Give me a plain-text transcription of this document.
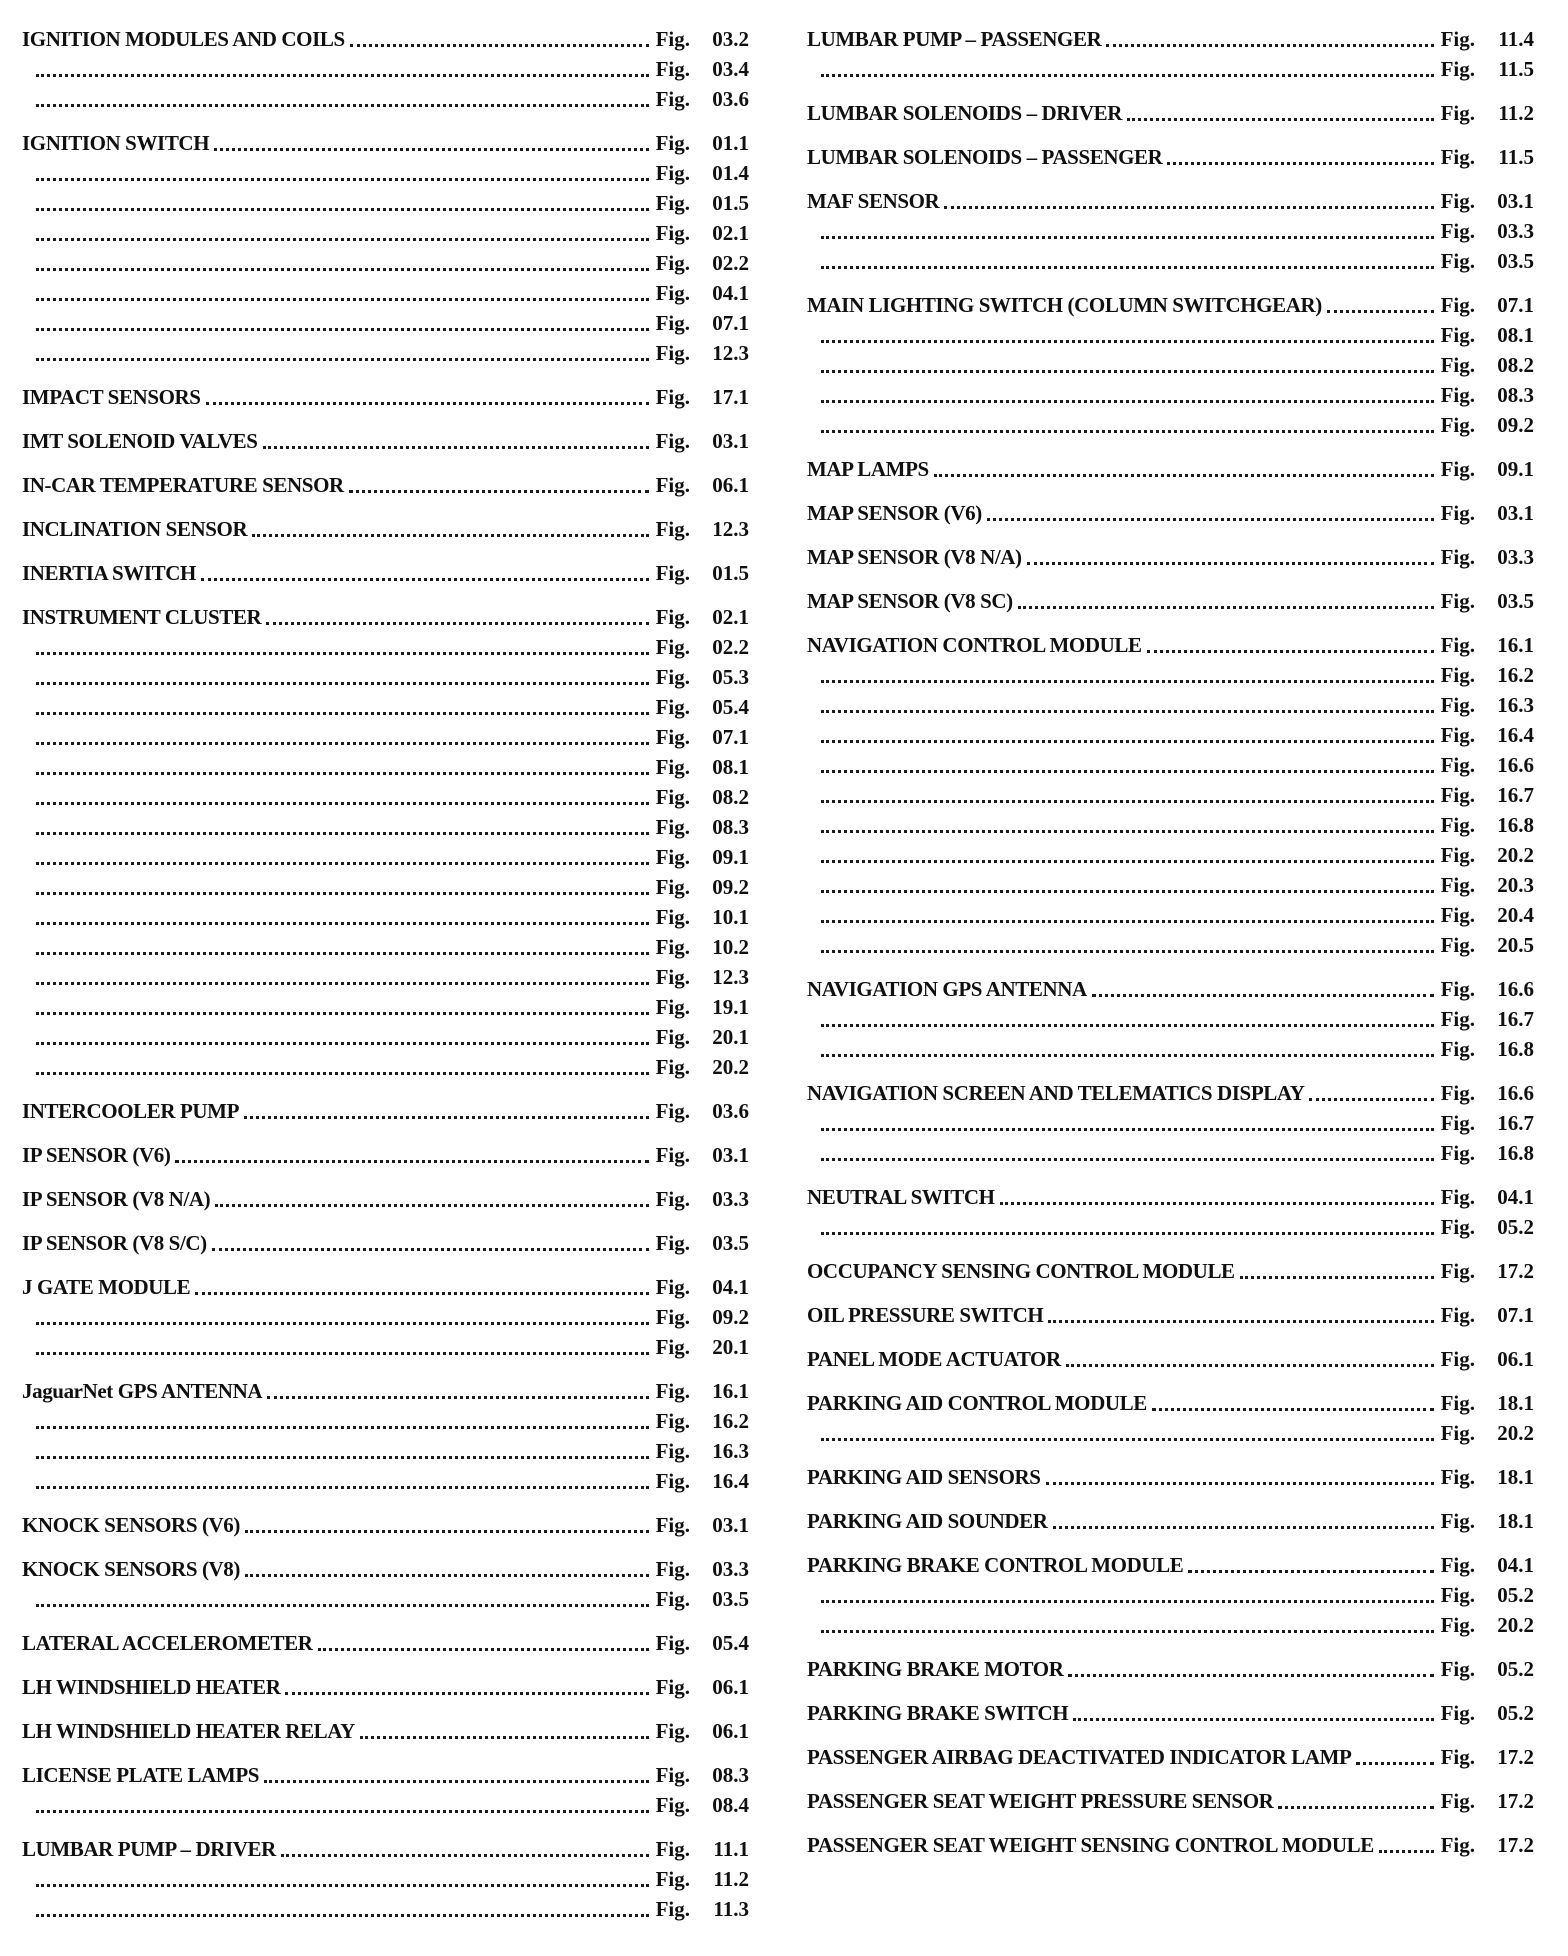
IGNITION MODULES AND COILS	Fig.	03.2
Fig.	03.4
Fig.	03.6
IGNITION SWITCH	Fig.	01.1
Fig.	01.4
Fig.	01.5
Fig.	02.1
Fig.	02.2
Fig.	04.1
Fig.	07.1
Fig.	12.3
IMPACT SENSORS	Fig.	17.1
IMT SOLENOID VALVES	Fig.	03.1
IN-CAR TEMPERATURE SENSOR	Fig.	06.1
INCLINATION SENSOR	Fig.	12.3
INERTIA SWITCH	Fig.	01.5
INSTRUMENT CLUSTER	Fig.	02.1
Fig.	02.2
Fig.	05.3
Fig.	05.4
Fig.	07.1
Fig.	08.1
Fig.	08.2
Fig.	08.3
Fig.	09.1
Fig.	09.2
Fig.	10.1
Fig.	10.2
Fig.	12.3
Fig.	19.1
Fig.	20.1
Fig.	20.2
INTERCOOLER PUMP	Fig.	03.6
IP SENSOR (V6)	Fig.	03.1
IP SENSOR (V8 N/A)	Fig.	03.3
IP SENSOR (V8 S/C)	Fig.	03.5
J GATE MODULE	Fig.	04.1
Fig.	09.2
Fig.	20.1
JaguarNet GPS ANTENNA	Fig.	16.1
Fig.	16.2
Fig.	16.3
Fig.	16.4
KNOCK SENSORS (V6)	Fig.	03.1
KNOCK SENSORS (V8)	Fig.	03.3
Fig.	03.5
LATERAL ACCELEROMETER	Fig.	05.4
LH WINDSHIELD HEATER	Fig.	06.1
LH WINDSHIELD HEATER RELAY	Fig.	06.1
LICENSE PLATE LAMPS	Fig.	08.3
Fig.	08.4
LUMBAR PUMP – DRIVER	Fig.	11.1
Fig.	11.2
Fig.	11.3
LUMBAR PUMP – PASSENGER	Fig.	11.4
Fig.	11.5
LUMBAR SOLENOIDS – DRIVER	Fig.	11.2
LUMBAR SOLENOIDS – PASSENGER	Fig.	11.5
MAF SENSOR	Fig.	03.1
Fig.	03.3
Fig.	03.5
MAIN LIGHTING SWITCH (COLUMN SWITCHGEAR)	Fig.	07.1
Fig.	08.1
Fig.	08.2
Fig.	08.3
Fig.	09.2
MAP LAMPS	Fig.	09.1
MAP SENSOR (V6)	Fig.	03.1
MAP SENSOR (V8 N/A)	Fig.	03.3
MAP SENSOR (V8 SC)	Fig.	03.5
NAVIGATION CONTROL MODULE	Fig.	16.1
Fig.	16.2
Fig.	16.3
Fig.	16.4
Fig.	16.6
Fig.	16.7
Fig.	16.8
Fig.	20.2
Fig.	20.3
Fig.	20.4
Fig.	20.5
NAVIGATION GPS ANTENNA	Fig.	16.6
Fig.	16.7
Fig.	16.8
NAVIGATION SCREEN AND TELEMATICS DISPLAY	Fig.	16.6
Fig.	16.7
Fig.	16.8
NEUTRAL SWITCH	Fig.	04.1
Fig.	05.2
OCCUPANCY SENSING CONTROL MODULE	Fig.	17.2
OIL PRESSURE SWITCH	Fig.	07.1
PANEL MODE ACTUATOR	Fig.	06.1
PARKING AID CONTROL MODULE	Fig.	18.1
Fig.	20.2
PARKING AID SENSORS	Fig.	18.1
PARKING AID SOUNDER	Fig.	18.1
PARKING BRAKE CONTROL MODULE	Fig.	04.1
Fig.	05.2
Fig.	20.2
PARKING BRAKE MOTOR	Fig.	05.2
PARKING BRAKE SWITCH	Fig.	05.2
PASSENGER AIRBAG DEACTIVATED INDICATOR LAMP	Fig.	17.2
PASSENGER SEAT WEIGHT PRESSURE SENSOR	Fig.	17.2
PASSENGER SEAT WEIGHT SENSING CONTROL MODULE	Fig.	17.2
